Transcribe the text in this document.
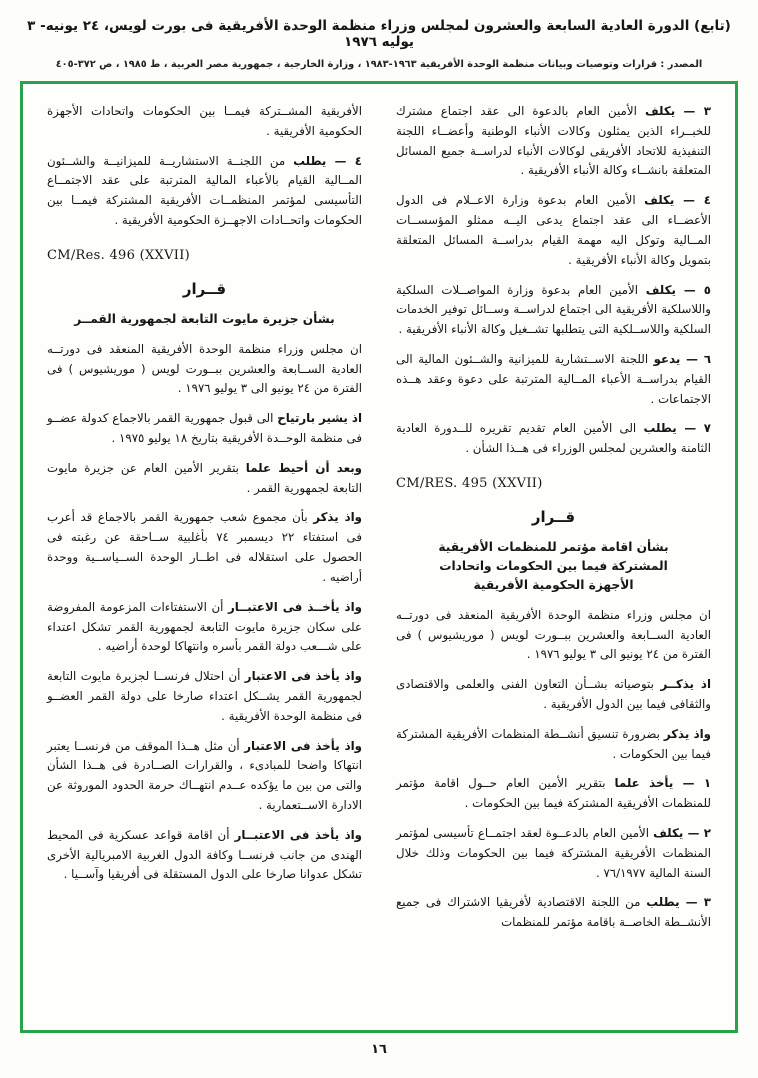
(تابع) الدورة العادية السابعة والعشرون لمجلس وزراء منظمة الوحدة الأفريقية فى بورت لويس، ٢٤ يونيه- ٣ يوليه ١٩٧٦
المصدر : قرارات وتوصيات وبيانات منظمة الوحدة الأفريقية ١٩٦٣-١٩٨٣ ، وزارة الخارجية ، جمهورية مصر العربية ، ط ١٩٨٥ ، ص ٣٧٢-٤٠٥

٣ — يكلف الأمين العام بالدعوة الى عقد اجتماع مشترك للخبــراء الذين يمثلون وكالات الأنباء الوطنية وأعضــاء اللجنة التنفيذية للاتحاد الأفريقى لوكالات الأنباء لدراســة جميع المسائل المتعلقة بانشــاء وكالة الأنباء الأفريقية .

٤ — يكلف الأمين العام بدعوة وزارة الاعــلام فى الدول الأعضــاء الى عقد اجتماع يدعى اليــه ممثلو المؤسســات المــالية وتوكل اليه مهمة القيام بدراســة المسائل المتعلقة بتمويل وكالة الأنباء الأفريقية .

٥ — يكلف الأمين العام بدعوة وزارة المواصــلات السلكية واللاسلكية الأفريقية الى اجتماع لدراســة وســائل توفير الخدمات السلكية واللاســلكية التى يتطلبها تشــغيل وكالة الأنباء الأفريقية .

٦ — يدعو اللجنة الاســتشارية للميزانية والشــئون المالية الى القيام بدراســة الأعباء المــالية المترتبة على دعوة وعقد هــذه الاجتماعات .

٧ — يطلب الى الأمين العام تقديم تقريره للــدورة العادية الثامنة والعشرين لمجلس الوزراء فى هــذا الشأن .

CM/RES. 495 (XXVII)
قــرار
بشأن اقامة مؤتمر للمنظمات الأفريقية
المشتركة فيما بين الحكومات واتحادات
الأجهزة الحكومية الأفريقية

ان مجلس وزراء منظمة الوحدة الأفريقية المنعقد فى دورتــه العادية الســابعة والعشرين ببــورت لويس ( موريشيوس ) فى الفترة من ٢٤ يونيو الى ٣ يوليو ١٩٧٦ .

اذ يذكــر بتوصياته بشــأن التعاون الفنى والعلمى والاقتصادى والثقافى فيما بين الدول الأفريقية .

واذ يذكر بضرورة تنسيق أنشــطة المنظمات الأفريقية المشتركة فيما بين الحكومات .

١ — يأخذ علما بتقرير الأمين العام حــول اقامة مؤتمر للمنظمات الأفريقية المشتركة فيما بين الحكومات .

٢ — يكلف الأمين العام بالدعــوة لعقد اجتمــاع تأسيسى لمؤتمر المنظمات الأفريقية المشتركة فيما بين الحكومات وذلك خلال السنة المالية ٧٦/١٩٧٧ .

٣ — يطلب من اللجنة الاقتصادية لأفريقيا الاشتراك فى جميع الأنشــطة الخاصــة باقامة مؤتمر للمنظمات

الأفريقية المشــتركة فيمــا بين الحكومات واتحادات الأجهزة الحكومية الأفريقية .

٤ — يطلب من اللجنــة الاستشاريــة للميزانيــة والشــئون المــالية القيام بالأعباء المالية المترتبة على عقد الاجتمــاع التأسيسى لمؤتمر المنظمــات الأفريقية المشتركة فيمــا بين الحكومات واتحــادات الاجهــزة الحكومية الأفريقية .

CM/Res. 496 (XXVII)
قــرار
بشأن جزيرة مايوت التابعة لجمهورية القمــر

ان مجلس وزراء منظمة الوحدة الأفريقية المنعقد فى دورتــه العادية الســابعة والعشرين ببــورت لويس ( موريشيوس ) فى الفترة من ٢٤ يونيو الى ٣ يوليو ١٩٧٦ .

اذ يشير بارتياح الى قبول جمهورية القمر بالاجماع كدولة عضــو فى منظمة الوحــدة الأفريقية بتاريخ ١٨ يوليو ١٩٧٥ .

وبعد أن أحيط علما بتقرير الأمين العام عن جزيرة مايوت التابعة لجمهورية القمر .

واذ يذكر بأن مجموع شعب جمهورية القمر بالاجماع قد أعرب فى استفتاء ٢٢ ديسمبر ٧٤ بأغلبية ســاحقة عن رغبته فى الحصول على استقلاله فى اطــار الوحدة الســياســية ووحدة أراضيه .

واذ يأخــذ فى الاعتبــار أن الاستفتاءات المزعومة المفروضة على سكان جزيرة مايوت التابعة لجمهورية القمر تشكل اعتداء على شـــعب دولة القمر بأسره وانتهاكا لوحدة أراضيه .

واذ يأخذ فى الاعتبار أن احتلال فرنســا لجزيرة مايوت التابعة لجمهورية القمر يشــكل اعتداء صارخا على دولة القمر العضــو فى منظمة الوحدة الأفريقية .

واذ يأخذ فى الاعتبار أن مثل هــذا الموقف من فرنســا يعتبر انتهاكا واضحا للمبادىء ، والقرارات الصــادرة فى هــذا الشأن والتى من بين ما يؤكده عــدم انتهــاك حرمة الحدود الموروثة عن الادارة الاســتعمارية .

واذ يأخذ فى الاعتبــار أن اقامة قواعد عسكرية فى المحيط الهندى من جانب فرنســا وكافة الدول الغربية الامبريالية الأخرى تشكل عدوانا صارخا على الدول المستقلة فى أفريقيا وآســيا .

١٦
